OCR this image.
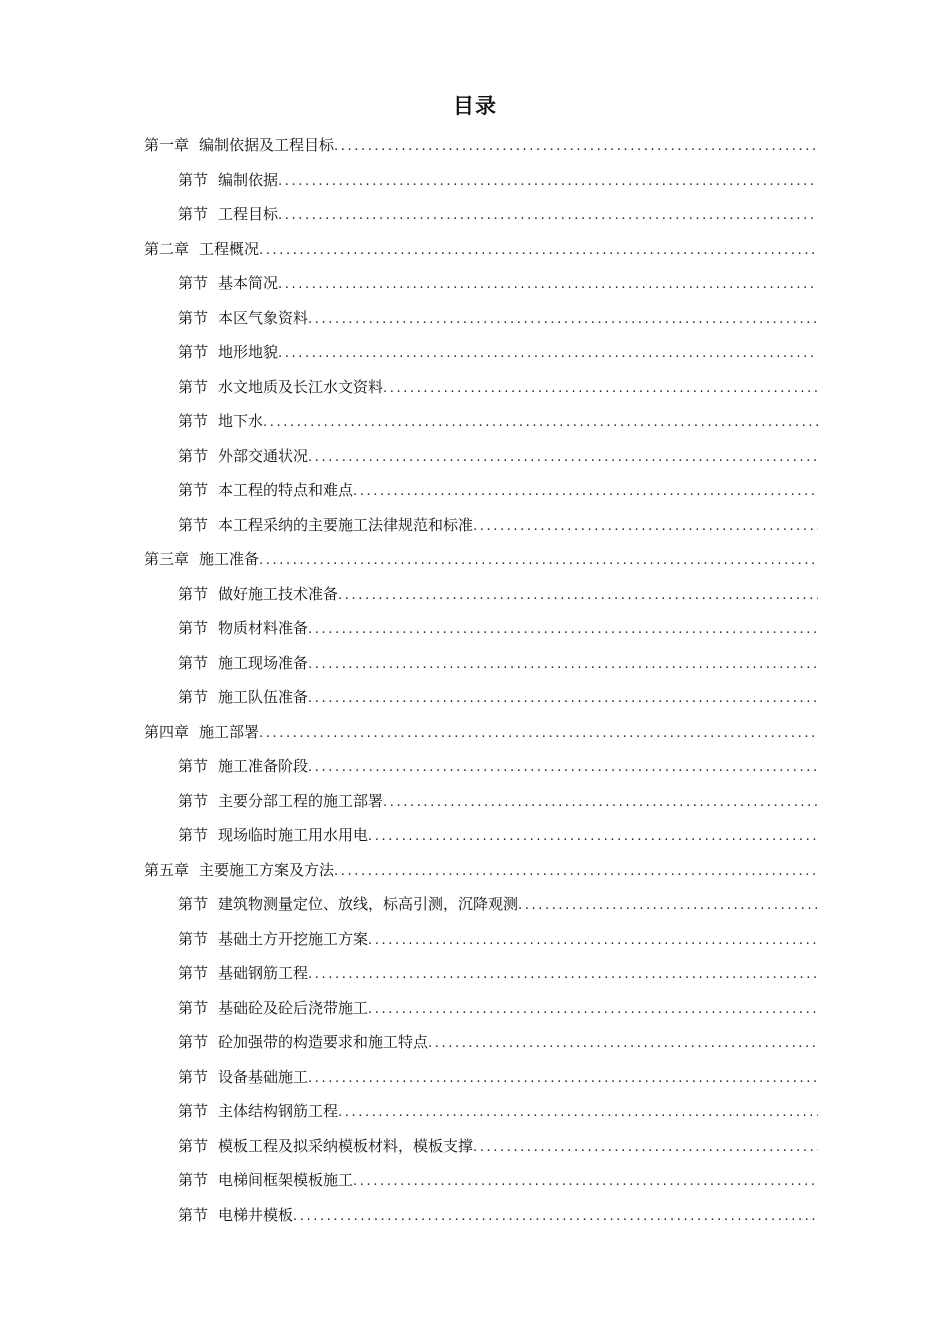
目录
第一章 编制依据及工程目标
.....
第节 编制依据
.....
第节 工程目标
.....
第二章 工程概况
.....
第节 基本简况
.....
第节 本区气象资料
.....
第节 地形地貌
.....
第节 水文地质及长江水文资料
.....
第节 地下水
.....
第节 外部交通状况
.....
第节 本工程的特点和难点
.....
第节 本工程采纳的主要施工法律规范和标准
.....
第三章 施工准备
.....
第节 做好施工技术准备
.....
第节 物质材料准备
.....
第节 施工现场准备
.....
第节 施工队伍准备
.....
第四章 施工部署
.....
第节 施工准备阶段
.....
第节 主要分部工程的施工部署
.....
第节 现场临时施工用水用电
.....
第五章 主要施工方案及方法
.....
第节 建筑物测量定位、放线，标高引测，沉降观测
.....
第节 基础土方开挖施工方案
.....
第节 基础钢筋工程
.....
第节 基础砼及砼后浇带施工
.....
第节 砼加强带的构造要求和施工特点
.....
第节 设备基础施工
.....
第节 主体结构钢筋工程
.....
第节 模板工程及拟采纳模板材料，模板支撑
.....
第节 电梯间框架模板施工
.....
第节 电梯井模板
.....
